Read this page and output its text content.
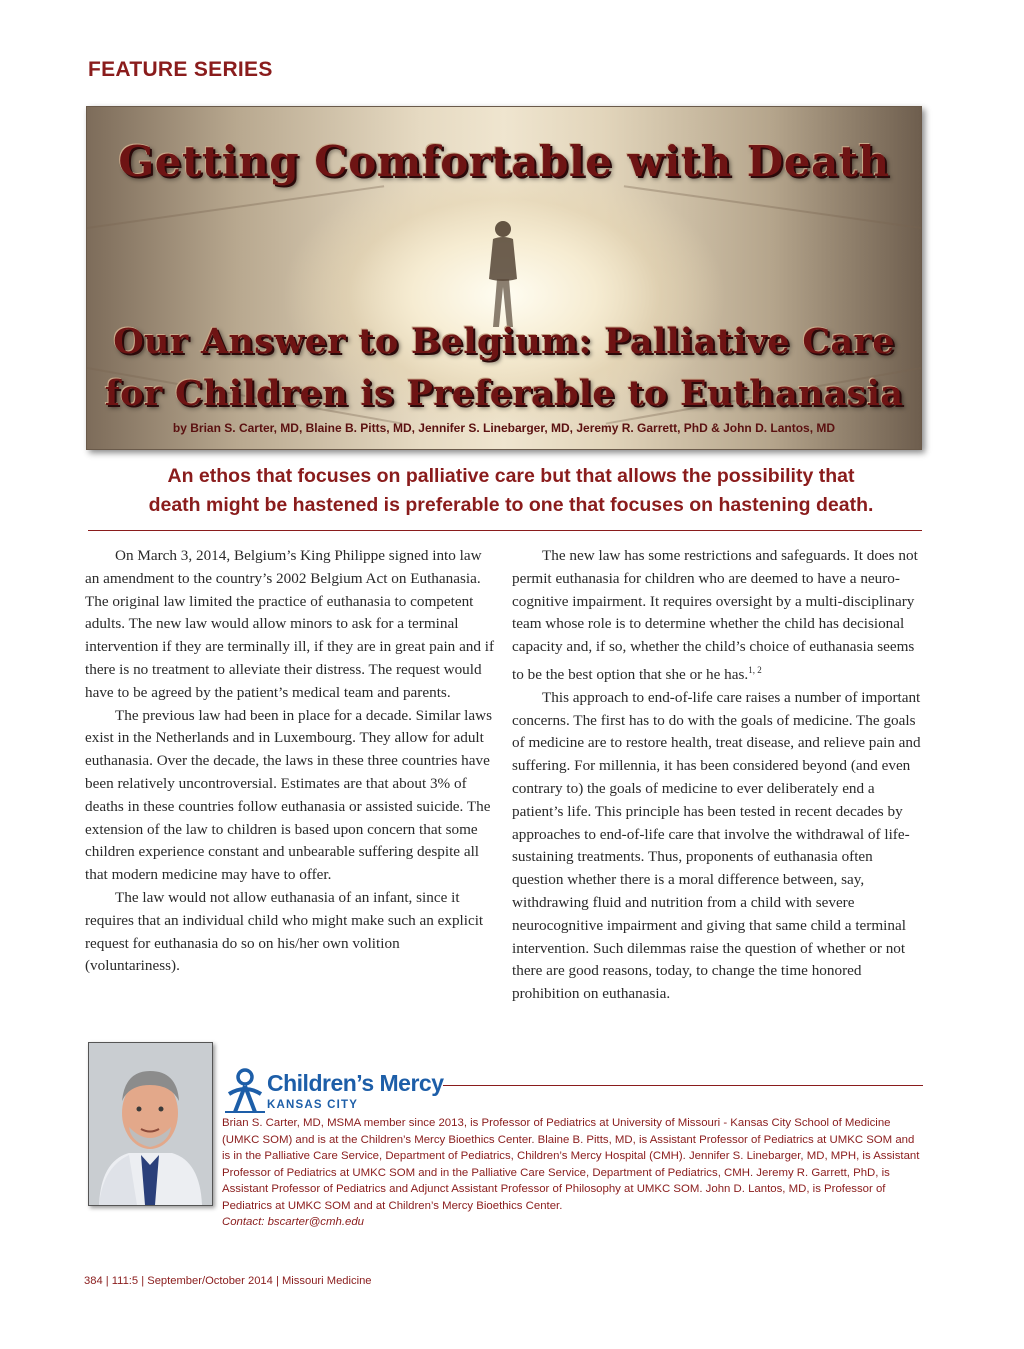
FEATURE SERIES
Getting Comfortable with Death
Our Answer to Belgium: Palliative Care
for Children is Preferable to Euthanasia
by Brian S. Carter, MD, Blaine B. Pitts, MD, Jennifer S. Linebarger, MD, Jeremy R. Garrett, PhD & John D. Lantos, MD
An ethos that focuses on palliative care but that allows the possibility that
death might be hastened is preferable to one that focuses on hastening death.

On March 3, 2014, Belgium’s King Philippe signed into law an amendment to the country’s 2002 Belgium Act on Euthanasia. The original law limited the practice of euthanasia to competent adults. The new law would allow minors to ask for a terminal intervention if they are terminally ill, if they are in great pain and if there is no treatment to alleviate their distress. The request would have to be agreed by the patient’s medical team and parents.

The previous law had been in place for a decade. Similar laws exist in the Netherlands and in Luxembourg. They allow for adult euthanasia. Over the decade, the laws in these three countries have been relatively uncontroversial. Estimates are that about 3% of deaths in these countries follow euthanasia or assisted suicide. The extension of the law to children is based upon concern that some children experience constant and unbearable suffering despite all that modern medicine may have to offer.

The law would not allow euthanasia of an infant, since it requires that an individual child who might make such an explicit request for euthanasia do so on his/her own volition (voluntariness).

The new law has some restrictions and safeguards. It does not permit euthanasia for children who are deemed to have a neuro-cognitive impairment. It requires oversight by a multi-disciplinary team whose role is to determine whether the child has decisional capacity and, if so, whether the child’s choice of euthanasia seems to be the best option that she or he has.$^{1, 2}$

This approach to end-of-life care raises a number of important concerns. The first has to do with the goals of medicine. The goals of medicine are to restore health, treat disease, and relieve pain and suffering. For millennia, it has been considered beyond (and even contrary to) the goals of medicine to ever deliberately end a patient’s life. This principle has been tested in recent decades by approaches to end-of-life care that involve the withdrawal of life-sustaining treatments. Thus, proponents of euthanasia often question whether there is a moral difference between, say, withdrawing fluid and nutrition from a child with severe neurocognitive impairment and giving that same child a terminal intervention. Such dilemmas raise the question of whether or not there are good reasons, today, to change the time honored prohibition on euthanasia.

Children’s Mercy
KANSAS CITY
Brian S. Carter, MD, MSMA member since 2013, is Professor of Pediatrics at University of Missouri - Kansas City School of Medicine (UMKC SOM) and is at the Children’s Mercy Bioethics Center. Blaine B. Pitts, MD, is Assistant Professor of Pediatrics at UMKC SOM and is in the Palliative Care Service, Department of Pediatrics, Children’s Mercy Hospital (CMH). Jennifer S. Linebarger, MD, MPH, is Assistant Professor of Pediatrics at UMKC SOM and in the Palliative Care Service, Department of Pediatrics, CMH. Jeremy R. Garrett, PhD, is Assistant Professor of Pediatrics and Adjunct Assistant Professor of Philosophy at UMKC SOM. John D. Lantos, MD, is Professor of Pediatrics at UMKC SOM and at Children’s Mercy Bioethics Center.
Contact: bscarter@cmh.edu
384 | 111:5 | September/October 2014 | Missouri Medicine
